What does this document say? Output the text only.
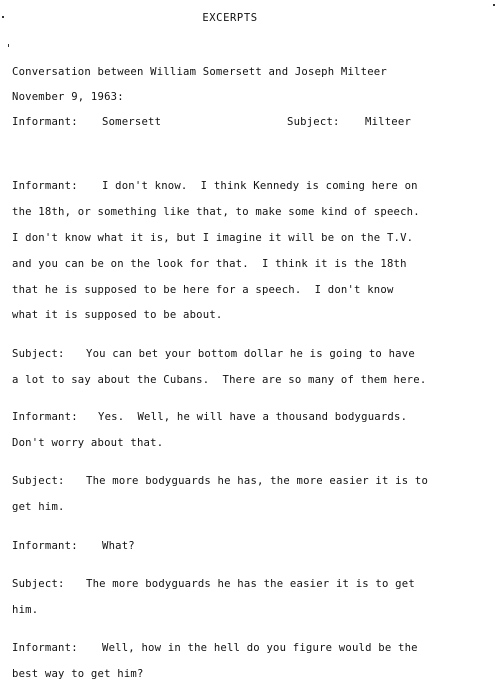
EXCERPTS
Conversation between William Somersett and Joseph Milteer
November 9, 1963:
Informant: Somersett	Subject: Milteer
Informant: I don't know.  I think Kennedy is coming here on
the 18th, or something like that, to make some kind of speech.
I don't know what it is, but I imagine it will be on the T.V.
and you can be on the look for that.  I think it is the 18th
that he is supposed to be here for a speech.  I don't know
what it is supposed to be about.
Subject: You can bet your bottom dollar he is going to have
a lot to say about the Cubans.  There are so many of them here.
Informant: Yes.  Well, he will have a thousand bodyguards.
Don't worry about that.
Subject: The more bodyguards he has, the more easier it is to
get him.
Informant: What?
Subject: The more bodyguards he has the easier it is to get
him.
Informant: Well, how in the hell do you figure would be the
best way to get him?
